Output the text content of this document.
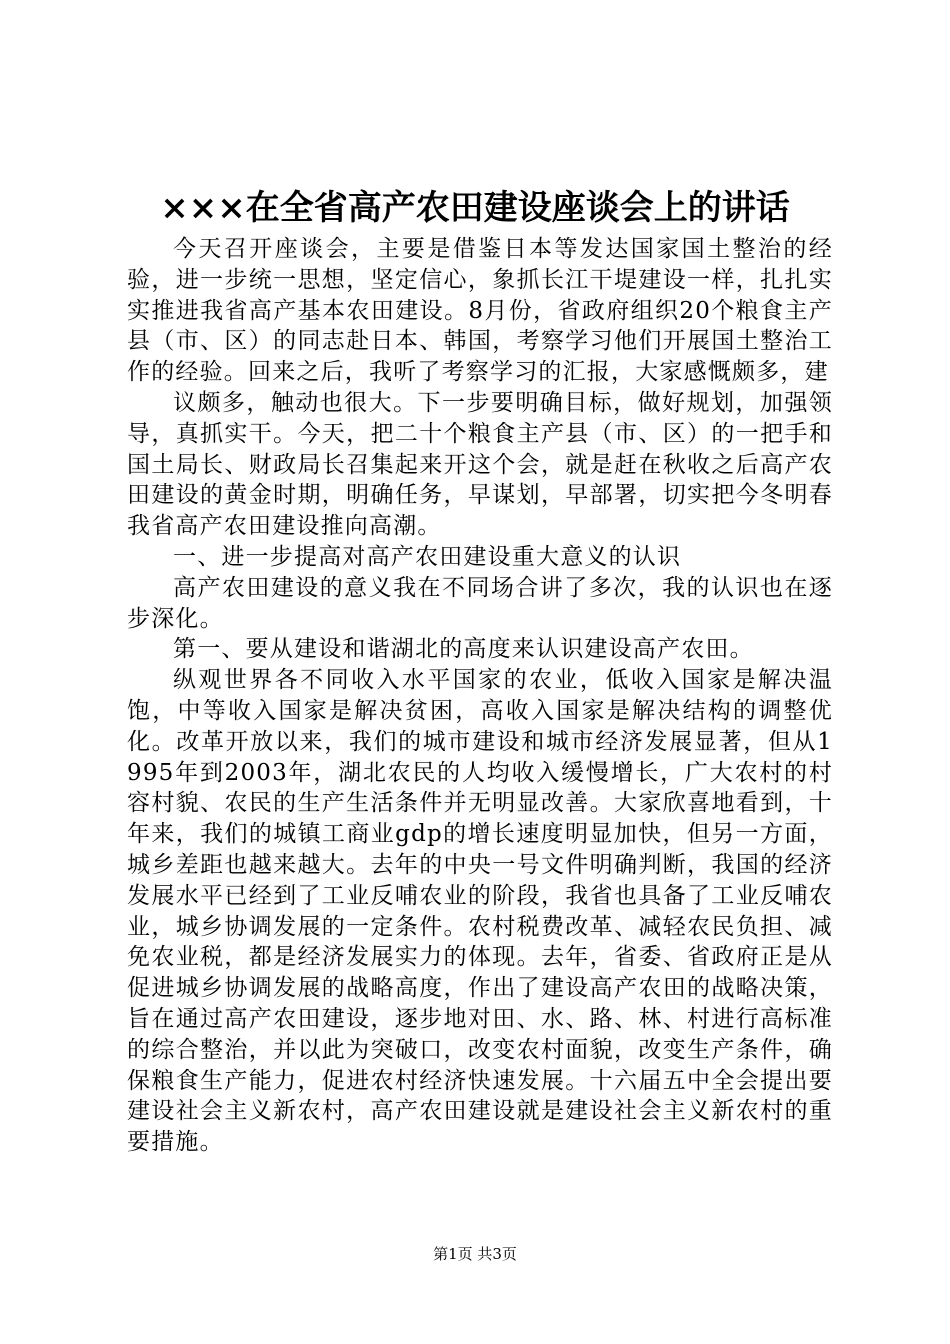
×××在全省高产农田建设座谈会上的讲话

今天召开座谈会，主要是借鉴日本等发达国家国土整治的经验，进一步统一思想，坚定信心，象抓长江干堤建设一样，扎扎实实推进我省高产基本农田建设。8月份，省政府组织20个粮食主产县（市、区）的同志赴日本、韩国，考察学习他们开展国土整治工作的经验。回来之后，我听了考察学习的汇报，大家感慨颇多，建

议颇多，触动也很大。下一步要明确目标，做好规划，加强领导，真抓实干。今天，把二十个粮食主产县（市、区）的一把手和国土局长、财政局长召集起来开这个会，就是赶在秋收之后高产农田建设的黄金时期，明确任务，早谋划，早部署，切实把今冬明春我省高产农田建设推向高潮。

一、进一步提高对高产农田建设重大意义的认识

高产农田建设的意义我在不同场合讲了多次，我的认识也在逐步深化。

第一、要从建设和谐湖北的高度来认识建设高产农田。

纵观世界各不同收入水平国家的农业，低收入国家是解决温饱，中等收入国家是解决贫困，高收入国家是解决结构的调整优化。改革开放以来，我们的城市建设和城市经济发展显著，但从1995年到2003年，湖北农民的人均收入缓慢增长，广大农村的村容村貌、农民的生产生活条件并无明显改善。大家欣喜地看到，十年来，我们的城镇工商业gdp的增长速度明显加快，但另一方面，城乡差距也越来越大。去年的中央一号文件明确判断，我国的经济发展水平已经到了工业反哺农业的阶段，我省也具备了工业反哺农业，城乡协调发展的一定条件。农村税费改革、减轻农民负担、减免农业税，都是经济发展实力的体现。去年，省委、省政府正是从促进城乡协调发展的战略高度，作出了建设高产农田的战略决策，旨在通过高产农田建设，逐步地对田、水、路、林、村进行高标准的综合整治，并以此为突破口，改变农村面貌，改变生产条件，确保粮食生产能力，促进农村经济快速发展。十六届五中全会提出要建设社会主义新农村，高产农田建设就是建设社会主义新农村的重要措施。

第1页 共3页
